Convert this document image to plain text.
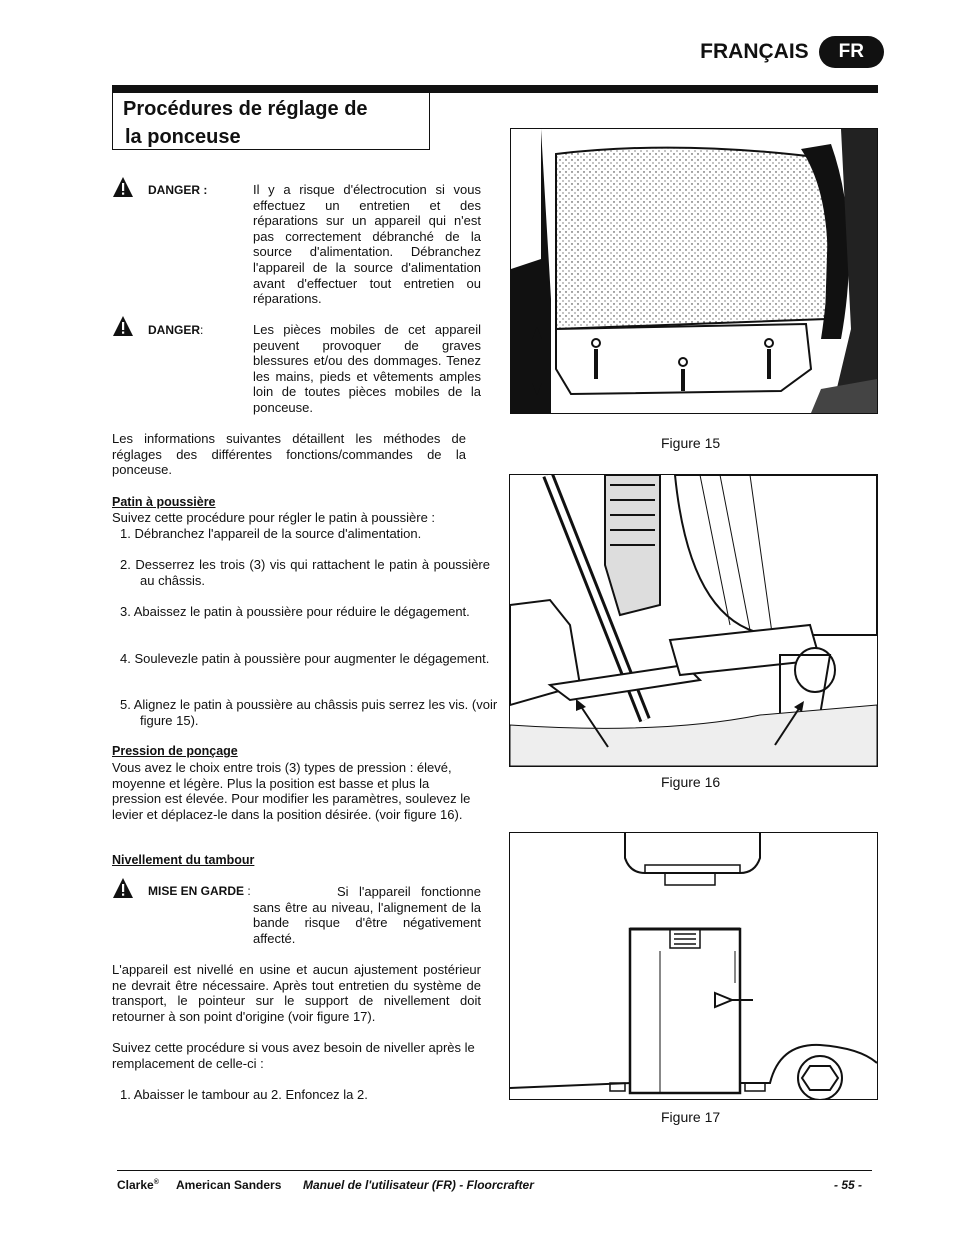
FRANÇAIS FR
Procédures de réglage de
la ponceuse
DANGER :	Il y a risque d'électrocution si vous effectuez un entretien et des réparations sur un appareil qui n'est pas correctement débranché de la source d'alimentation. Débranchez l'appareil de la source d'alimentation avant d'effectuer tout entretien ou réparations.
DANGER:	Les pièces mobiles de cet appareil peuvent provoquer de graves blessures et/ou des dommages. Tenez les mains, pieds et vêtements amples loin de toutes pièces mobiles de la ponceuse.
Les informations suivantes détaillent les méthodes de réglages des différentes fonctions/commandes de la ponceuse.
Patin à poussière
Suivez cette procédure pour régler le patin à poussière :
1. Débranchez l'appareil de la source d'alimentation.
2. Desserrez les trois (3) vis qui rattachent le patin à poussière au châssis.
3. Abaissez le patin à poussière pour réduire le dégagement.
4. Soulevezle patin à poussière pour augmenter le dégagement.
5. Alignez le patin à poussière au châssis puis serrez les vis. (voir figure 15).
Pression de ponçage
Vous avez le choix entre trois (3) types de pression : élevé, moyenne et légère. Plus la position est basse et plus la pression est élevée. Pour modifier les paramètres, soulevez le levier et déplacez-le dans la position désirée. (voir figure 16).
Nivellement du tambour
MISE EN GARDE :	Si l'appareil fonctionne sans être au niveau, l'alignement de la bande risque d'être négativement affecté.
L'appareil est nivellé en usine et aucun ajustement postérieur ne devrait être nécessaire. Après tout entretien du système de transport, le pointeur sur le support de nivellement doit retourner à son point d'origine (voir figure 17).
Suivez cette procédure si vous avez besoin de niveller après le remplacement de celle-ci :
1. Abaisser le tambour au 2. Enfoncez la 2.
Figure 15
Figure 16
Figure 17
Clarke® American Sanders Manuel de l'utilisateur (FR) - Floorcrafter	- 55 -
